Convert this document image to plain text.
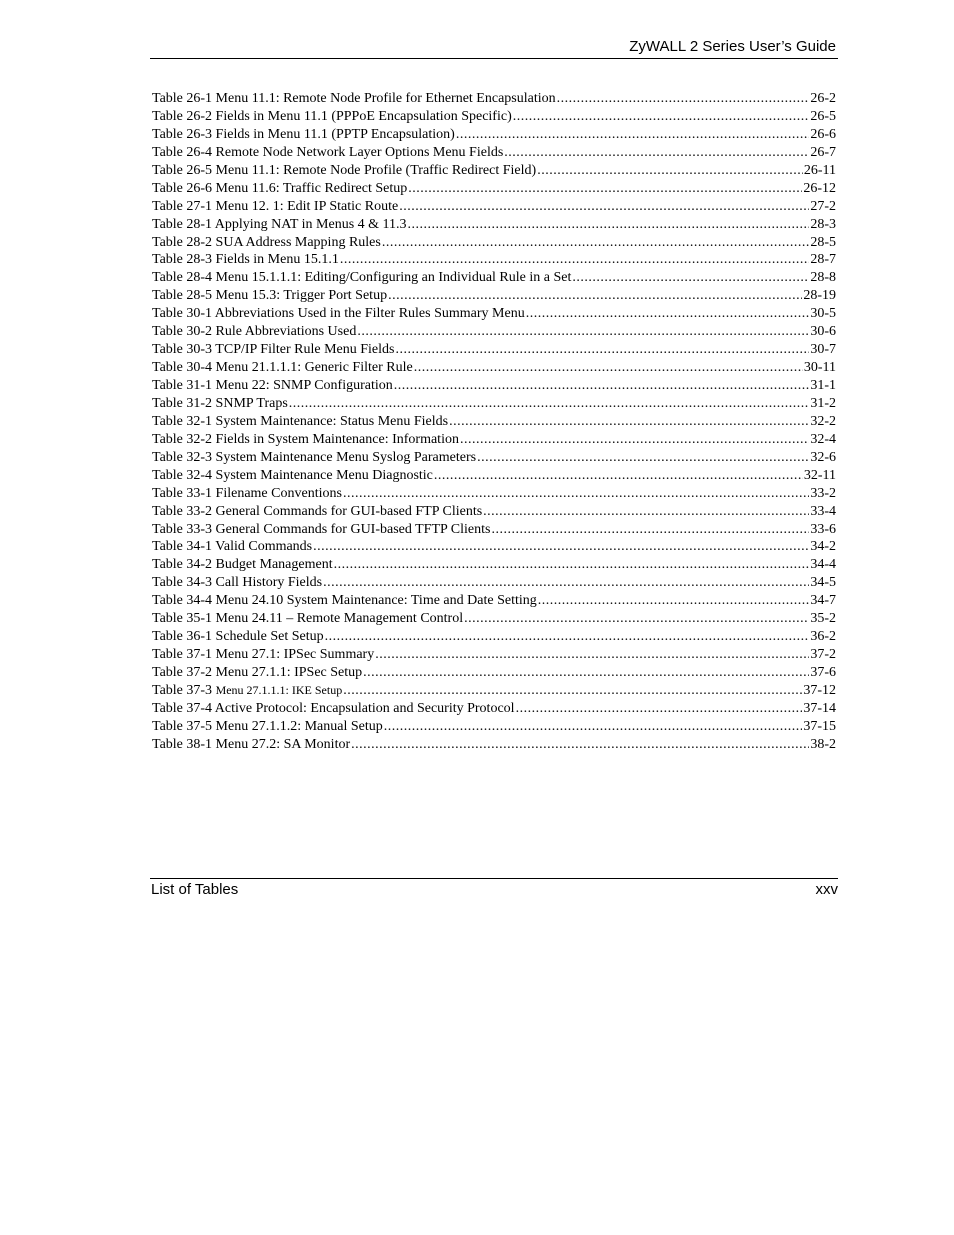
ZyWALL 2 Series User’s Guide
Table 26-1 Menu 11.1: Remote Node Profile for Ethernet Encapsulation .....	26-2
Table 26-2 Fields in Menu 11.1 (PPPoE Encapsulation Specific) .....	26-5
Table 26-3 Fields in Menu 11.1 (PPTP Encapsulation) .....	26-6
Table 26-4 Remote Node Network Layer Options Menu Fields .....	26-7
Table 26-5 Menu 11.1: Remote Node Profile (Traffic Redirect Field) .....	26-11
Table 26-6 Menu 11.6: Traffic Redirect Setup .....	26-12
Table 27-1 Menu 12. 1: Edit IP Static Route .....	27-2
Table 28-1 Applying NAT in Menus 4 & 11.3 .....	28-3
Table 28-2 SUA Address Mapping Rules .....	28-5
Table 28-3 Fields in Menu 15.1.1 .....	28-7
Table 28-4 Menu 15.1.1.1: Editing/Configuring an Individual Rule in a Set .....	28-8
Table 28-5 Menu 15.3: Trigger Port Setup .....	28-19
Table 30-1 Abbreviations Used in the Filter Rules Summary Menu .....	30-5
Table 30-2 Rule Abbreviations Used .....	30-6
Table 30-3 TCP/IP Filter Rule Menu Fields .....	30-7
Table 30-4 Menu 21.1.1.1: Generic Filter Rule .....	30-11
Table 31-1 Menu 22: SNMP Configuration .....	31-1
Table 31-2 SNMP Traps .....	31-2
Table 32-1 System Maintenance: Status Menu Fields .....	32-2
Table 32-2 Fields in System Maintenance: Information .....	32-4
Table 32-3 System Maintenance Menu Syslog Parameters .....	32-6
Table 32-4 System Maintenance Menu Diagnostic .....	32-11
Table 33-1 Filename Conventions .....	33-2
Table 33-2 General Commands for GUI-based FTP Clients .....	33-4
Table 33-3 General Commands for GUI-based TFTP Clients .....	33-6
Table 34-1 Valid Commands .....	34-2
Table 34-2 Budget Management .....	34-4
Table 34-3 Call History Fields .....	34-5
Table 34-4 Menu 24.10 System Maintenance: Time and Date Setting .....	34-7
Table 35-1 Menu 24.11 – Remote Management Control .....	35-2
Table 36-1 Schedule Set Setup .....	36-2
Table 37-1 Menu 27.1: IPSec Summary .....	37-2
Table 37-2 Menu 27.1.1: IPSec Setup .....	37-6
Table 37-3 Menu 27.1.1.1: IKE Setup .....	37-12
Table 37-4 Active Protocol: Encapsulation and Security Protocol .....	37-14
Table 37-5 Menu 27.1.1.2: Manual Setup .....	37-15
Table 38-1 Menu 27.2: SA Monitor .....	38-2
List of Tables	xxv
